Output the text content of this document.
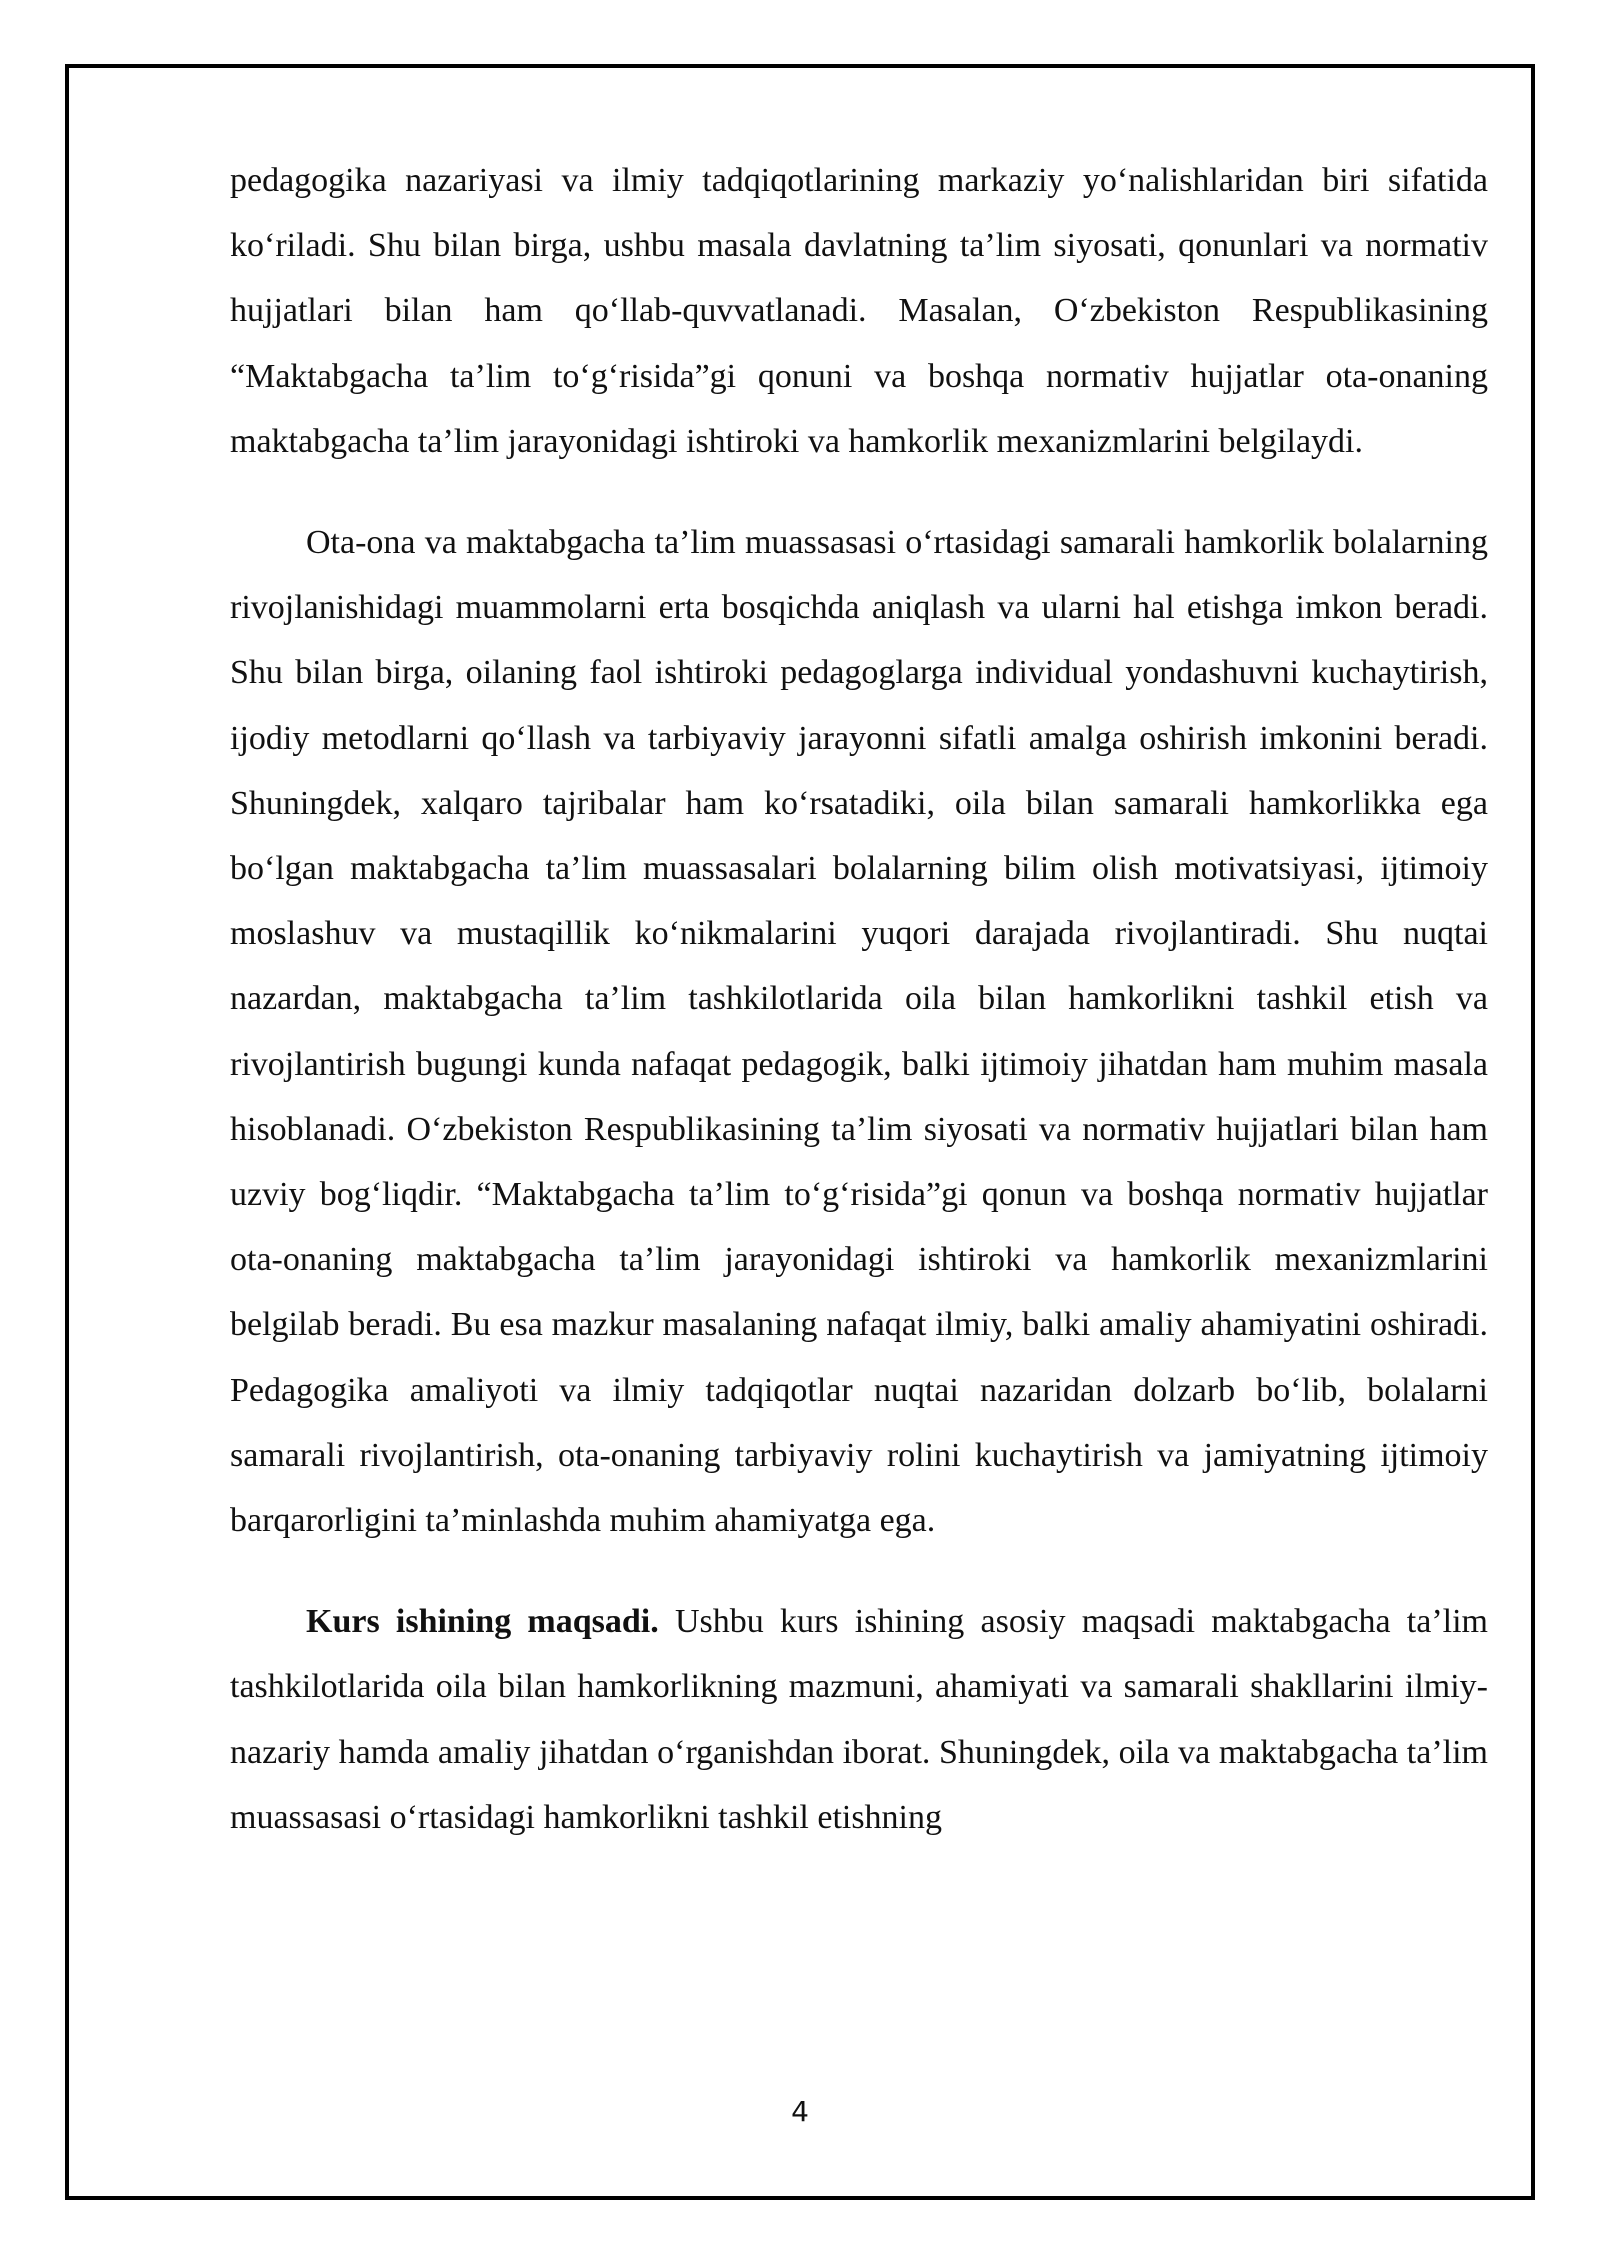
pedagogika nazariyasi va ilmiy tadqiqotlarining markaziy yo‘nalishlaridan biri sifatida ko‘riladi. Shu bilan birga, ushbu masala davlatning ta’lim siyosati, qonunlari va normativ hujjatlari bilan ham qo‘llab-quvvatlanadi. Masalan, O‘zbekiston Respublikasining “Maktabgacha ta’lim to‘g‘risida”gi qonuni va boshqa normativ hujjatlar ota-onaning maktabgacha ta’lim jarayonidagi ishtiroki va hamkorlik mexanizmlarini belgilaydi.

Ota-ona va maktabgacha ta’lim muassasasi o‘rtasidagi samarali hamkorlik bolalarning rivojlanishidagi muammolarni erta bosqichda aniqlash va ularni hal etishga imkon beradi. Shu bilan birga, oilaning faol ishtiroki pedagoglarga individual yondashuvni kuchaytirish, ijodiy metodlarni qo‘llash va tarbiyaviy jarayonni sifatli amalga oshirish imkonini beradi. Shuningdek, xalqaro tajribalar ham ko‘rsatadiki, oila bilan samarali hamkorlikka ega bo‘lgan maktabgacha ta’lim muassasalari bolalarning bilim olish motivatsiyasi, ijtimoiy moslashuv va mustaqillik ko‘nikmalarini yuqori darajada rivojlantiradi. Shu nuqtai nazardan, maktabgacha ta’lim tashkilotlarida oila bilan hamkorlikni tashkil etish va rivojlantirish bugungi kunda nafaqat pedagogik, balki ijtimoiy jihatdan ham muhim masala hisoblanadi. O‘zbekiston Respublikasining ta’lim siyosati va normativ hujjatlari bilan ham uzviy bog‘liqdir. “Maktabgacha ta’lim to‘g‘risida”gi qonun va boshqa normativ hujjatlar ota-onaning maktabgacha ta’lim jarayonidagi ishtiroki va hamkorlik mexanizmlarini belgilab beradi. Bu esa mazkur masalaning nafaqat ilmiy, balki amaliy ahamiyatini oshiradi. Pedagogika amaliyoti va ilmiy tadqiqotlar nuqtai nazaridan dolzarb bo‘lib, bolalarni samarali rivojlantirish, ota-onaning tarbiyaviy rolini kuchaytirish va jamiyatning ijtimoiy barqarorligini ta’minlashda muhim ahamiyatga ega.

Kurs ishining maqsadi. Ushbu kurs ishining asosiy maqsadi maktabgacha ta’lim tashkilotlarida oila bilan hamkorlikning mazmuni, ahamiyati va samarali shakllarini ilmiy-nazariy hamda amaliy jihatdan o‘rganishdan iborat. Shuningdek, oila va maktabgacha ta’lim muassasasi o‘rtasidagi hamkorlikni tashkil etishning

4
